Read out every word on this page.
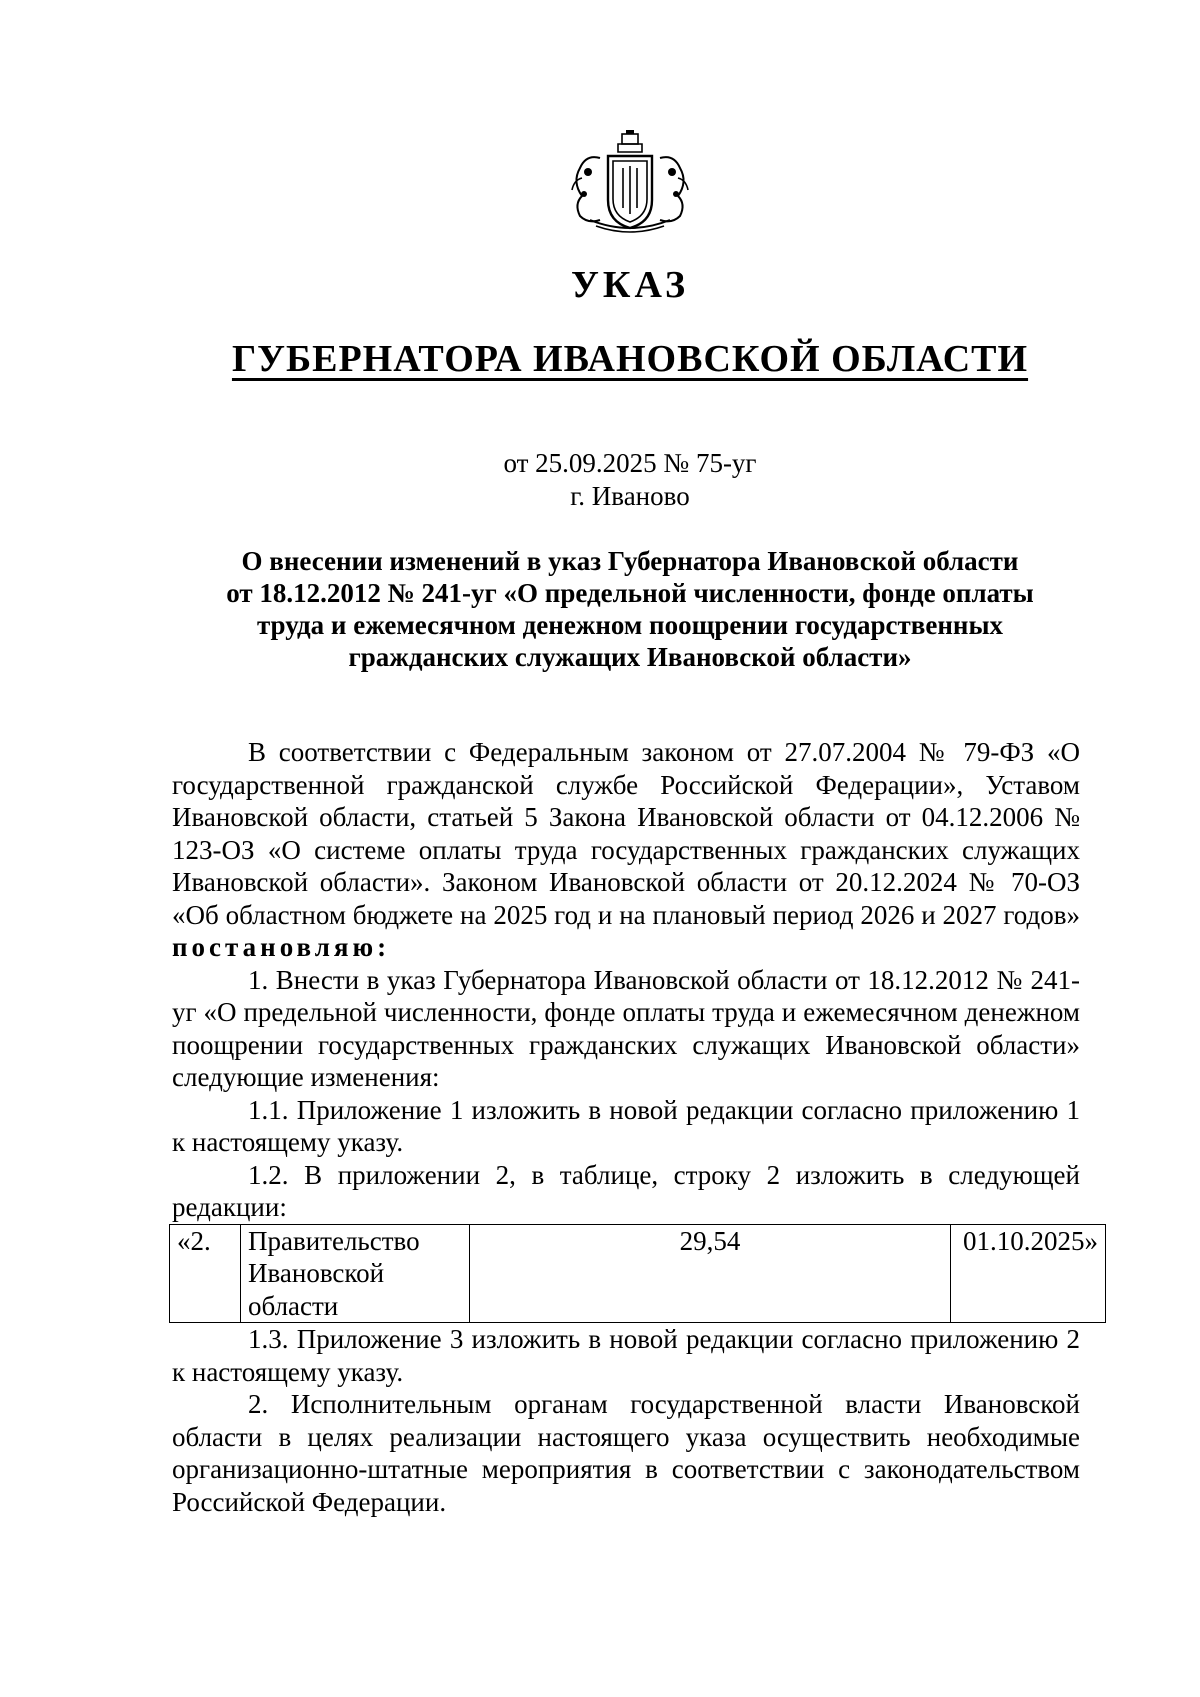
УКАЗ
ГУБЕРНАТОРА ИВАНОВСКОЙ ОБЛАСТИ
от 25.09.2025 № 75-уг
г. Иваново
О внесении изменений в указ Губернатора Ивановской области
от 18.12.2012 № 241-уг «О предельной численности, фонде оплаты
труда и ежемесячном денежном поощрении государственных
гражданских служащих Ивановской области»

В соответствии с Федеральным законом от 27.07.2004 № 79-ФЗ «О государственной гражданской службе Российской Федерации», Уставом Ивановской области, статьей 5 Закона Ивановской области от 04.12.2006 № 123-ОЗ «О системе оплаты труда государственных гражданских служащих Ивановской области». Законом Ивановской области от 20.12.2024 № 70-ОЗ «Об областном бюджете на 2025 год и на плановый период 2026 и 2027 годов» постановляю:

1. Внести в указ Губернатора Ивановской области от 18.12.2012 № 241-уг «О предельной численности, фонде оплаты труда и ежемесячном денежном поощрении государственных гражданских служащих Ивановской области» следующие изменения:

1.1. Приложение 1 изложить в новой редакции согласно приложению 1 к настоящему указу.

1.2. В приложении 2, в таблице, строку 2 изложить в следующей редакции:

«2.	Правительство Ивановской области	29,54	01.10.2025»

1.3. Приложение 3 изложить в новой редакции согласно приложению 2 к настоящему указу.

2. Исполнительным органам государственной власти Ивановской области в целях реализации настоящего указа осуществить необходимые организационно-штатные мероприятия в соответствии с законодательством Российской Федерации.
